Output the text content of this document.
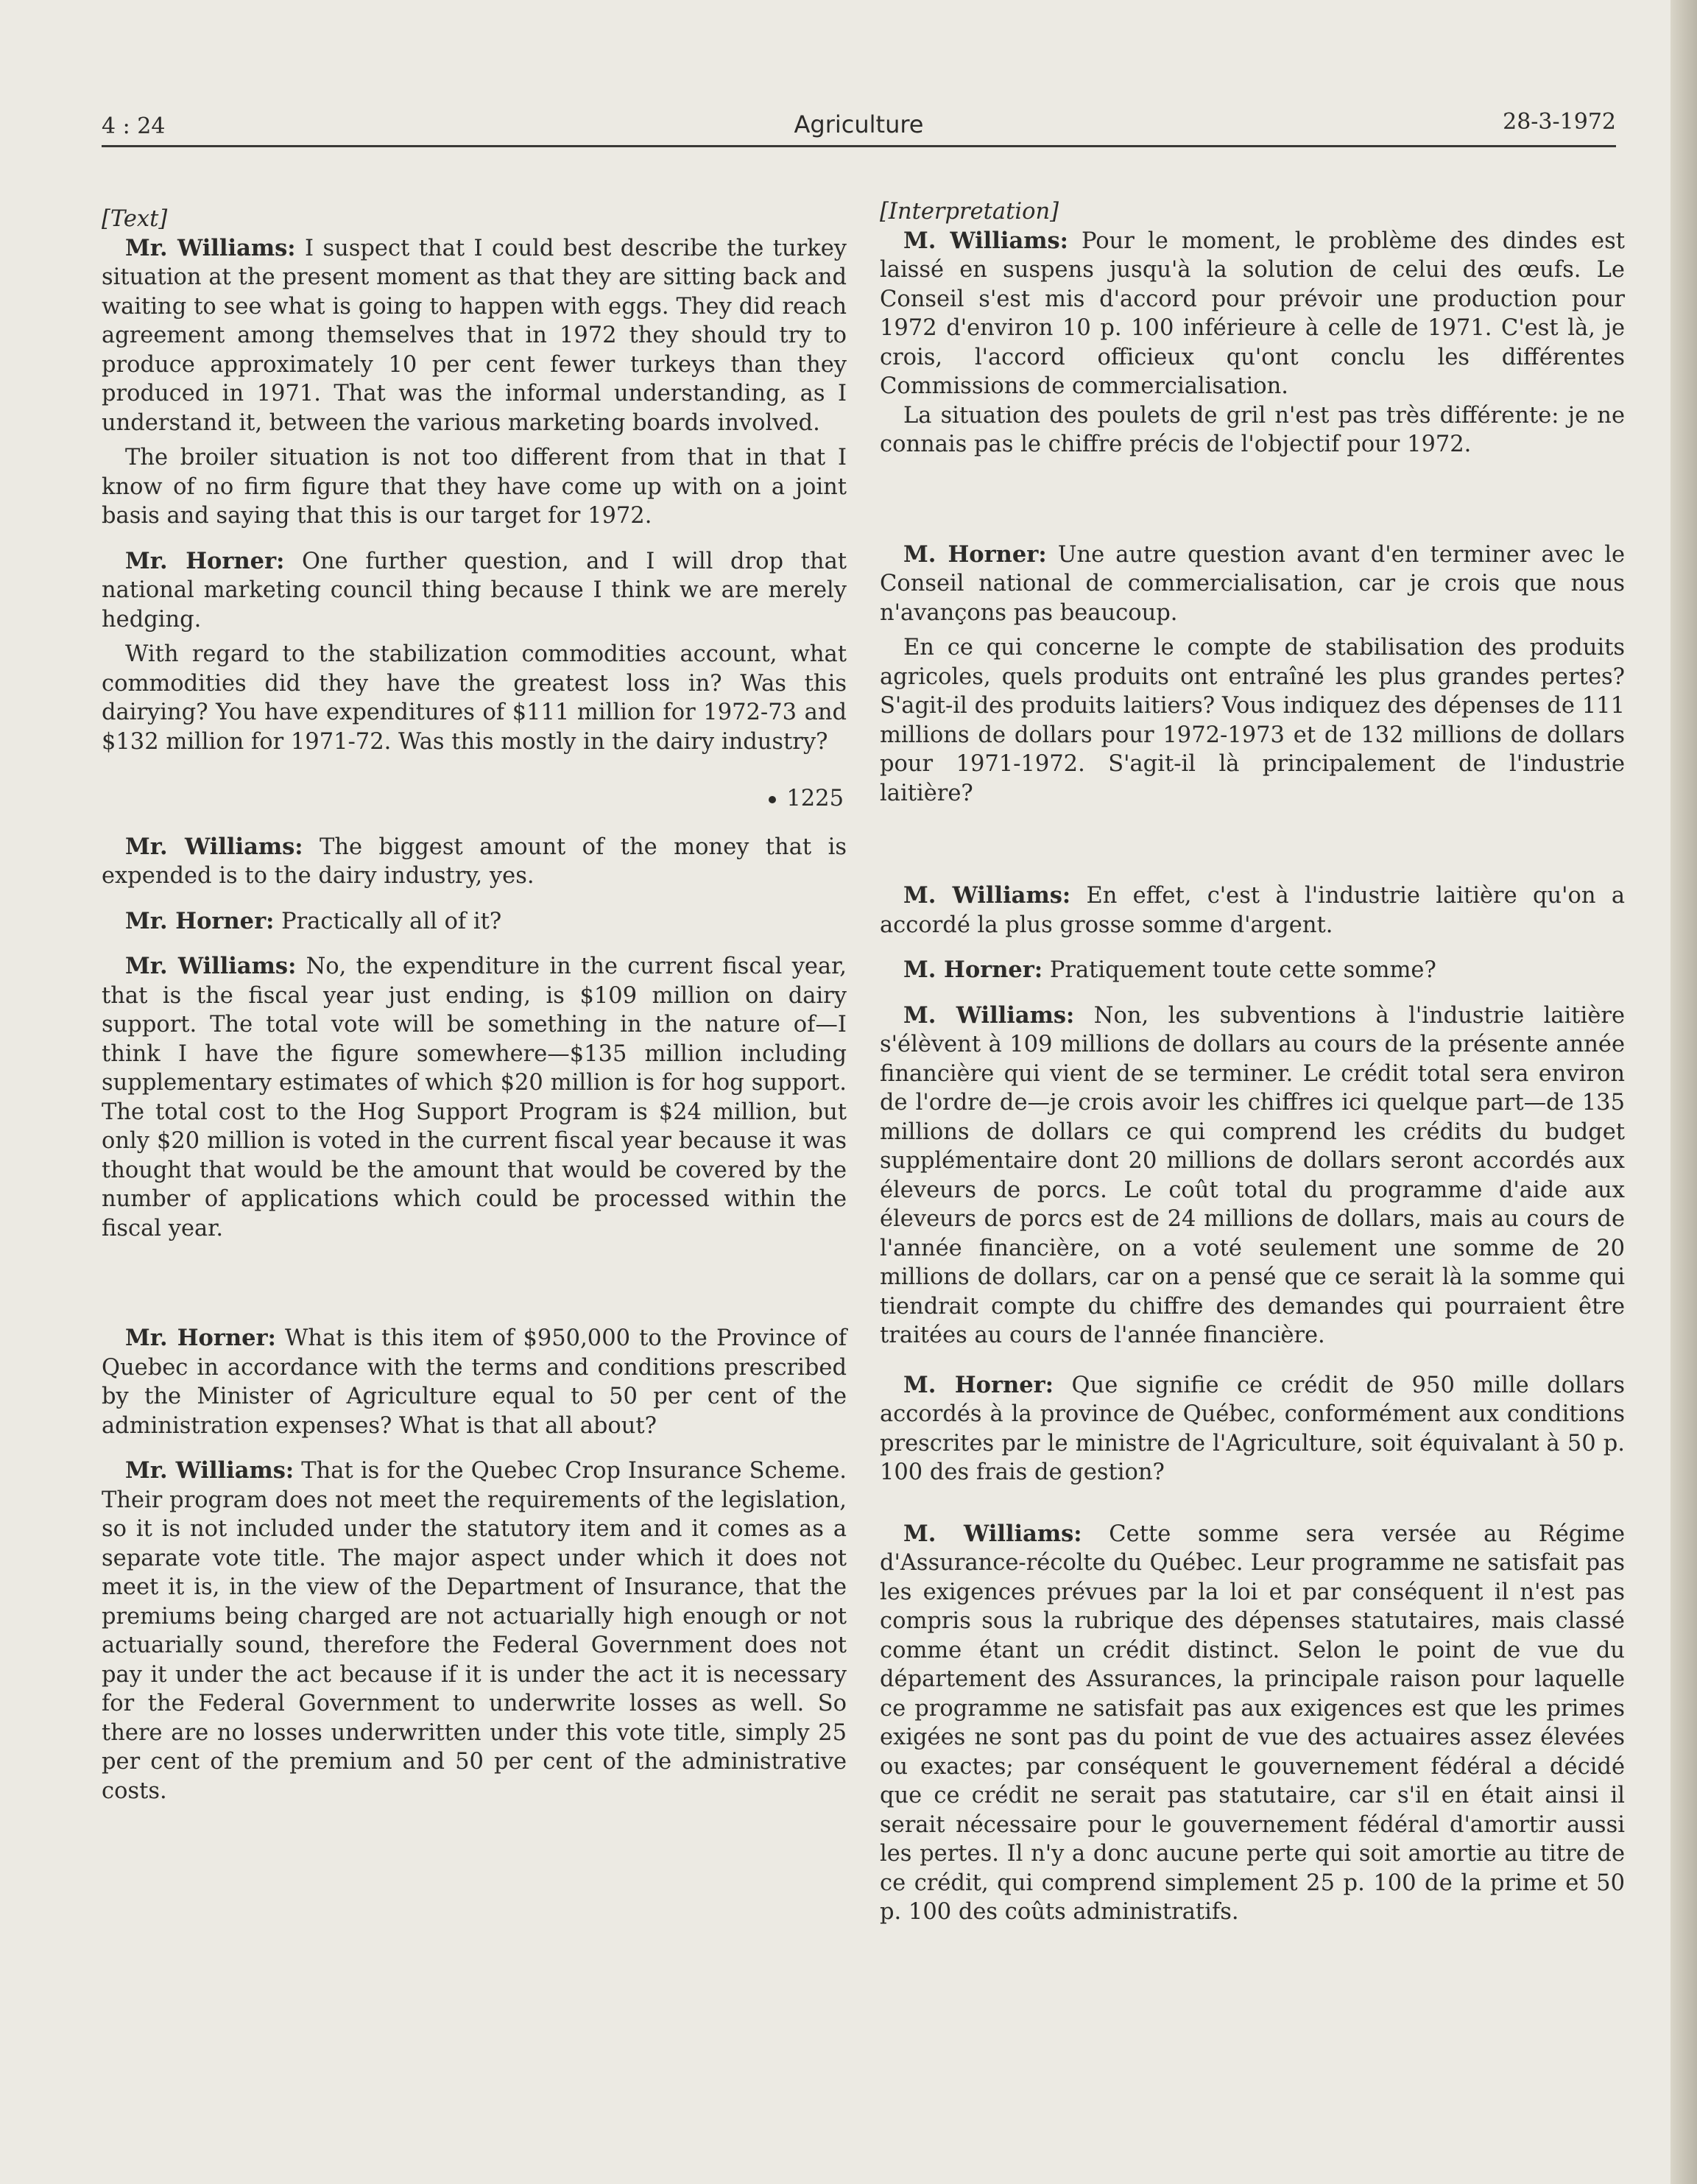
4 : 24	Agriculture	28-3-1972
[Text]

Mr. Williams: I suspect that I could best describe the turkey situation at the present moment as that they are sitting back and waiting to see what is going to happen with eggs. They did reach agreement among themselves that in 1972 they should try to produce approximately 10 per cent fewer turkeys than they produced in 1971. That was the informal understanding, as I understand it, between the various marketing boards involved.

The broiler situation is not too different from that in that I know of no firm figure that they have come up with on a joint basis and saying that this is our target for 1972.

Mr. Horner: One further question, and I will drop that national marketing council thing because I think we are merely hedging.

With regard to the stabilization commodities account, what commodities did they have the greatest loss in? Was this dairying? You have expenditures of $111 million for 1972-73 and $132 million for 1971-72. Was this mostly in the dairy industry?

1225

Mr. Williams: The biggest amount of the money that is expended is to the dairy industry, yes.

Mr. Horner: Practically all of it?

Mr. Williams: No, the expenditure in the current fiscal year, that is the fiscal year just ending, is $109 million on dairy support. The total vote will be something in the nature of—I think I have the figure somewhere—$135 million including supplementary estimates of which $20 million is for hog support. The total cost to the Hog Support Program is $24 million, but only $20 million is voted in the current fiscal year because it was thought that would be the amount that would be covered by the number of applications which could be processed within the fiscal year.

Mr. Horner: What is this item of $950,000 to the Province of Quebec in accordance with the terms and conditions prescribed by the Minister of Agriculture equal to 50 per cent of the administration expenses? What is that all about?

Mr. Williams: That is for the Quebec Crop Insurance Scheme. Their program does not meet the requirements of the legislation, so it is not included under the statutory item and it comes as a separate vote title. The major aspect under which it does not meet it is, in the view of the Department of Insurance, that the premiums being charged are not actuarially high enough or not actuarially sound, therefore the Federal Government does not pay it under the act because if it is under the act it is necessary for the Federal Government to underwrite losses as well. So there are no losses underwritten under this vote title, simply 25 per cent of the premium and 50 per cent of the administrative costs.

[Interpretation]

M. Williams: Pour le moment, le problème des dindes est laissé en suspens jusqu'à la solution de celui des œufs. Le Conseil s'est mis d'accord pour prévoir une production pour 1972 d'environ 10 p. 100 inférieure à celle de 1971. C'est là, je crois, l'accord officieux qu'ont conclu les différentes Commissions de commercialisation.

La situation des poulets de gril n'est pas très différente: je ne connais pas le chiffre précis de l'objectif pour 1972.

M. Horner: Une autre question avant d'en terminer avec le Conseil national de commercialisation, car je crois que nous n'avançons pas beaucoup.

En ce qui concerne le compte de stabilisation des produits agricoles, quels produits ont entraîné les plus grandes pertes? S'agit-il des produits laitiers? Vous indiquez des dépenses de 111 millions de dollars pour 1972-1973 et de 132 millions de dollars pour 1971-1972. S'agit-il là principalement de l'industrie laitière?

M. Williams: En effet, c'est à l'industrie laitière qu'on a accordé la plus grosse somme d'argent.

M. Horner: Pratiquement toute cette somme?

M. Williams: Non, les subventions à l'industrie laitière s'élèvent à 109 millions de dollars au cours de la présente année financière qui vient de se terminer. Le crédit total sera environ de l'ordre de—je crois avoir les chiffres ici quelque part—de 135 millions de dollars ce qui comprend les crédits du budget supplémentaire dont 20 millions de dollars seront accordés aux éleveurs de porcs. Le coût total du programme d'aide aux éleveurs de porcs est de 24 millions de dollars, mais au cours de l'année financière, on a voté seulement une somme de 20 millions de dollars, car on a pensé que ce serait là la somme qui tiendrait compte du chiffre des demandes qui pourraient être traitées au cours de l'année financière.

M. Horner: Que signifie ce crédit de 950 mille dollars accordés à la province de Québec, conformément aux conditions prescrites par le ministre de l'Agriculture, soit équivalant à 50 p. 100 des frais de gestion?

M. Williams: Cette somme sera versée au Régime d'Assurance-récolte du Québec. Leur programme ne satisfait pas les exigences prévues par la loi et par conséquent il n'est pas compris sous la rubrique des dépenses statutaires, mais classé comme étant un crédit distinct. Selon le point de vue du département des Assurances, la principale raison pour laquelle ce programme ne satisfait pas aux exigences est que les primes exigées ne sont pas du point de vue des actuaires assez élevées ou exactes; par conséquent le gouvernement fédéral a décidé que ce crédit ne serait pas statutaire, car s'il en était ainsi il serait nécessaire pour le gouvernement fédéral d'amortir aussi les pertes. Il n'y a donc aucune perte qui soit amortie au titre de ce crédit, qui comprend simplement 25 p. 100 de la prime et 50 p. 100 des coûts administratifs.
